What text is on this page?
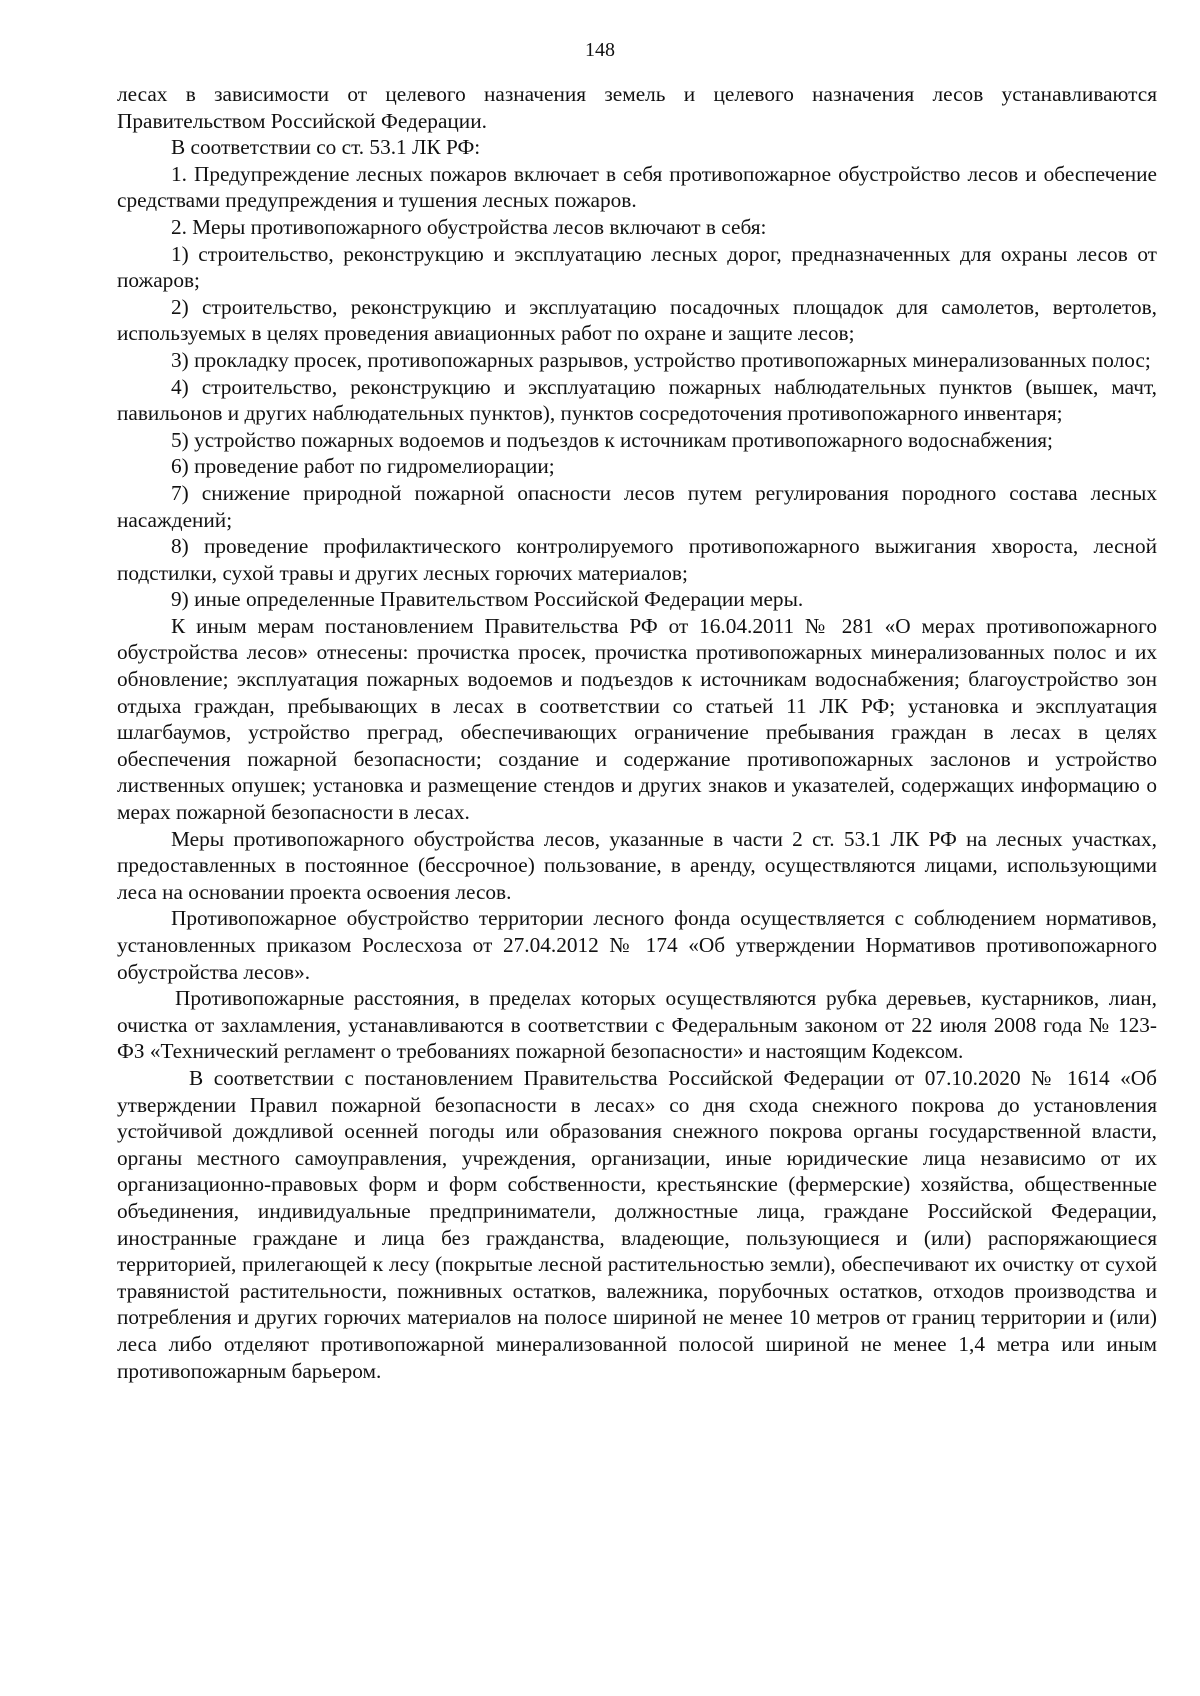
148

лесах в зависимости от целевого назначения земель и целевого назначения лесов устанавливаются Правительством Российской Федерации.

В соответствии со ст. 53.1 ЛК РФ:

1. Предупреждение лесных пожаров включает в себя противопожарное обустройство лесов и обеспечение средствами предупреждения и тушения лесных пожаров.

2. Меры противопожарного обустройства лесов включают в себя:

1) строительство, реконструкцию и эксплуатацию лесных дорог, предназначенных для охраны лесов от пожаров;

2) строительство, реконструкцию и эксплуатацию посадочных площадок для самолетов, вертолетов, используемых в целях проведения авиационных работ по охране и защите лесов;

3) прокладку просек, противопожарных разрывов, устройство противопожарных минерализованных полос;

4) строительство, реконструкцию и эксплуатацию пожарных наблюдательных пунктов (вышек, мачт, павильонов и других наблюдательных пунктов), пунктов сосредоточения противопожарного инвентаря;

5) устройство пожарных водоемов и подъездов к источникам противопожарного водоснабжения;

6) проведение работ по гидромелиорации;

7) снижение природной пожарной опасности лесов путем регулирования породного состава лесных насаждений;

8) проведение профилактического контролируемого противопожарного выжигания хвороста, лесной подстилки, сухой травы и других лесных горючих материалов;

9) иные определенные Правительством Российской Федерации меры.

К иным мерам постановлением Правительства РФ от 16.04.2011 № 281 «О мерах противопожарного обустройства лесов» отнесены: прочистка просек, прочистка противопожарных минерализованных полос и их обновление; эксплуатация пожарных водоемов и подъездов к источникам водоснабжения; благоустройство зон отдыха граждан, пребывающих в лесах в соответствии со статьей 11 ЛК РФ; установка и эксплуатация шлагбаумов, устройство преград, обеспечивающих ограничение пребывания граждан в лесах в целях обеспечения пожарной безопасности; создание и содержание противопожарных заслонов и устройство лиственных опушек; установка и размещение стендов и других знаков и указателей, содержащих информацию о мерах пожарной безопасности в лесах.

Меры противопожарного обустройства лесов, указанные в части 2 ст. 53.1 ЛК РФ на лесных участках, предоставленных в постоянное (бессрочное) пользование, в аренду, осуществляются лицами, использующими леса на основании проекта освоения лесов.

Противопожарное обустройство территории лесного фонда осуществляется с соблюдением нормативов, установленных приказом Рослесхоза от 27.04.2012 № 174 «Об утверждении Нормативов противопожарного обустройства лесов».

Противопожарные расстояния, в пределах которых осуществляются рубка деревьев, кустарников, лиан, очистка от захламления, устанавливаются в соответствии с Федеральным законом от 22 июля 2008 года № 123-ФЗ «Технический регламент о требованиях пожарной безопасности» и настоящим Кодексом.

В соответствии с постановлением Правительства Российской Федерации от 07.10.2020 № 1614 «Об утверждении Правил пожарной безопасности в лесах» со дня схода снежного покрова до установления устойчивой дождливой осенней погоды или образования снежного покрова органы государственной власти, органы местного самоуправления, учреждения, организации, иные юридические лица независимо от их организационно-правовых форм и форм собственности, крестьянские (фермерские) хозяйства, общественные объединения, индивидуальные предприниматели, должностные лица, граждане Российской Федерации, иностранные граждане и лица без гражданства, владеющие, пользующиеся и (или) распоряжающиеся территорией, прилегающей к лесу (покрытые лесной растительностью земли), обеспечивают их очистку от сухой травянистой растительности, пожнивных остатков, валежника, порубочных остатков, отходов производства и потребления и других горючих материалов на полосе шириной не менее 10 метров от границ территории и (или) леса либо отделяют противопожарной минерализованной полосой шириной не менее 1,4 метра или иным противопожарным барьером.
